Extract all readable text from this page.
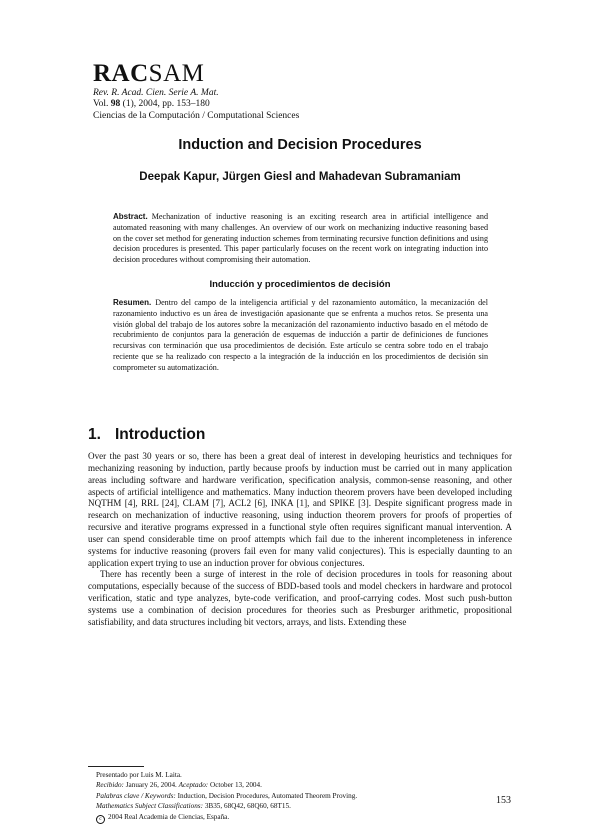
RACSAM
Rev. R. Acad. Cien. Serie A. Mat.
Vol. 98 (1), 2004, pp. 153–180
Ciencias de la Computación / Computational Sciences
Induction and Decision Procedures
Deepak Kapur, Jürgen Giesl and Mahadevan Subramaniam
Abstract. Mechanization of inductive reasoning is an exciting research area in artificial intelligence and automated reasoning with many challenges. An overview of our work on mechanizing inductive reasoning based on the cover set method for generating induction schemes from terminating recursive function definitions and using decision procedures is presented. This paper particularly focuses on the recent work on integrating induction into decision procedures without compromising their automation.
Inducción y procedimientos de decisión
Resumen. Dentro del campo de la inteligencia artificial y del razonamiento automático, la mecanización del razonamiento inductivo es un área de investigación apasionante que se enfrenta a muchos retos. Se presenta una visión global del trabajo de los autores sobre la mecanización del razonamiento inductivo basado en el método de recubrimiento de conjuntos para la generación de esquemas de inducción a partir de definiciones de funciones recursivas con terminación que usa procedimientos de decisión. Este artículo se centra sobre todo en el trabajo reciente que se ha realizado con respecto a la integración de la inducción en los procedimientos de decisión sin comprometer su automatización.
1. Introduction

Over the past 30 years or so, there has been a great deal of interest in developing heuristics and techniques for mechanizing reasoning by induction, partly because proofs by induction must be carried out in many application areas including software and hardware verification, specification analysis, common-sense reasoning, and other aspects of artificial intelligence and mathematics. Many induction theorem provers have been developed including NQTHM [4], RRL [24], CLAM [7], ACL2 [6], INKA [1], and SPIKE [3]. Despite significant progress made in research on mechanization of inductive reasoning, using induction theorem provers for proofs of properties of recursive and iterative programs expressed in a functional style often requires significant manual intervention. A user can spend considerable time on proof attempts which fail due to the inherent incompleteness in inference systems for inductive reasoning (provers fail even for many valid conjectures). This is especially daunting to an application expert trying to use an induction prover for obvious conjectures.

There has recently been a surge of interest in the role of decision procedures in tools for reasoning about computations, especially because of the success of BDD-based tools and model checkers in hardware and protocol verification, static and type analyzes, byte-code verification, and proof-carrying codes. Most such push-button systems use a combination of decision procedures for theories such as Presburger arithmetic, propositional satisfiability, and data structures including bit vectors, arrays, and lists. Extending these

Presentado por Luis M. Laita.
Recibido: January 26, 2004. Aceptado: October 13, 2004.
Palabras clave / Keywords: Induction, Decision Procedures, Automated Theorem Proving.
Mathematics Subject Classifications: 3B35, 68Q42, 68Q60, 68T15.
c 2004 Real Academia de Ciencias, España.
153
